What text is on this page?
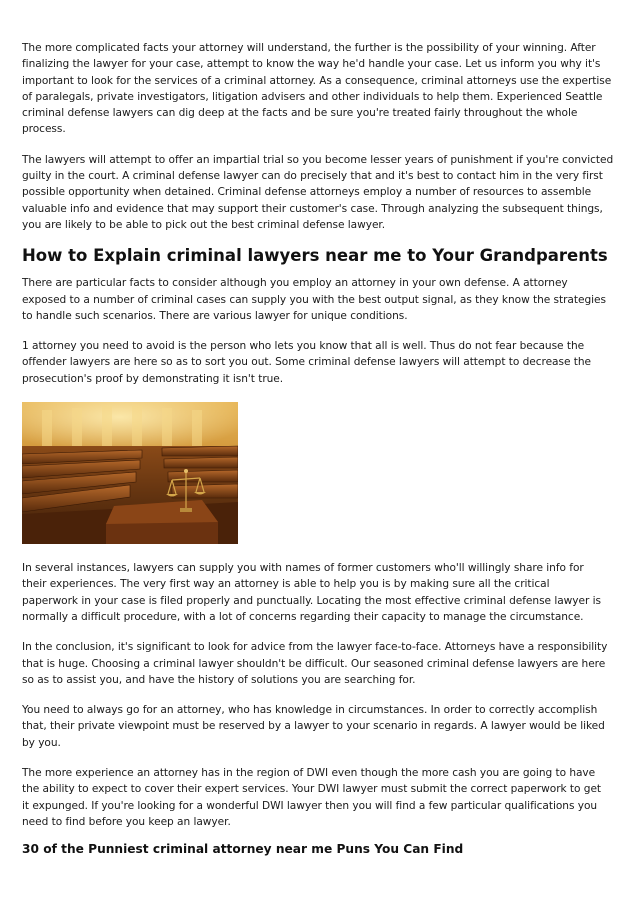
The more complicated facts your attorney will understand, the further is the possibility of your winning. After finalizing the lawyer for your case, attempt to know the way he'd handle your case. Let us inform you why it's important to look for the services of a criminal attorney. As a consequence, criminal attorneys use the expertise of paralegals, private investigators, litigation advisers and other individuals to help them. Experienced Seattle criminal defense lawyers can dig deep at the facts and be sure you're treated fairly throughout the whole process.

The lawyers will attempt to offer an impartial trial so you become lesser years of punishment if you're convicted guilty in the court. A criminal defense lawyer can do precisely that and it's best to contact him in the very first possible opportunity when detained. Criminal defense attorneys employ a number of resources to assemble valuable info and evidence that may support their customer's case. Through analyzing the subsequent things, you are likely to be able to pick out the best criminal defense lawyer.

How to Explain criminal lawyers near me to Your Grandparents

There are particular facts to consider although you employ an attorney in your own defense. A attorney exposed to a number of criminal cases can supply you with the best output signal, as they know the strategies to handle such scenarios. There are various lawyer for unique conditions.

1 attorney you need to avoid is the person who lets you know that all is well. Thus do not fear because the offender lawyers are here so as to sort you out. Some criminal defense lawyers will attempt to decrease the prosecution's proof by demonstrating it isn't true.

In several instances, lawyers can supply you with names of former customers who'll willingly share info for their experiences. The very first way an attorney is able to help you is by making sure all the critical paperwork in your case is filed properly and punctually. Locating the most effective criminal defense lawyer is normally a difficult procedure, with a lot of concerns regarding their capacity to manage the circumstance.

In the conclusion, it's significant to look for advice from the lawyer face-to-face. Attorneys have a responsibility that is huge. Choosing a criminal lawyer shouldn't be difficult. Our seasoned criminal defense lawyers are here so as to assist you, and have the history of solutions you are searching for.

You need to always go for an attorney, who has knowledge in circumstances. In order to correctly accomplish that, their private viewpoint must be reserved by a lawyer to your scenario in regards. A lawyer would be liked by you.

The more experience an attorney has in the region of DWI even though the more cash you are going to have the ability to expect to cover their expert services. Your DWI lawyer must submit the correct paperwork to get it expunged. If you're looking for a wonderful DWI lawyer then you will find a few particular qualifications you need to find before you keep an lawyer.

30 of the Punniest criminal attorney near me Puns You Can Find
